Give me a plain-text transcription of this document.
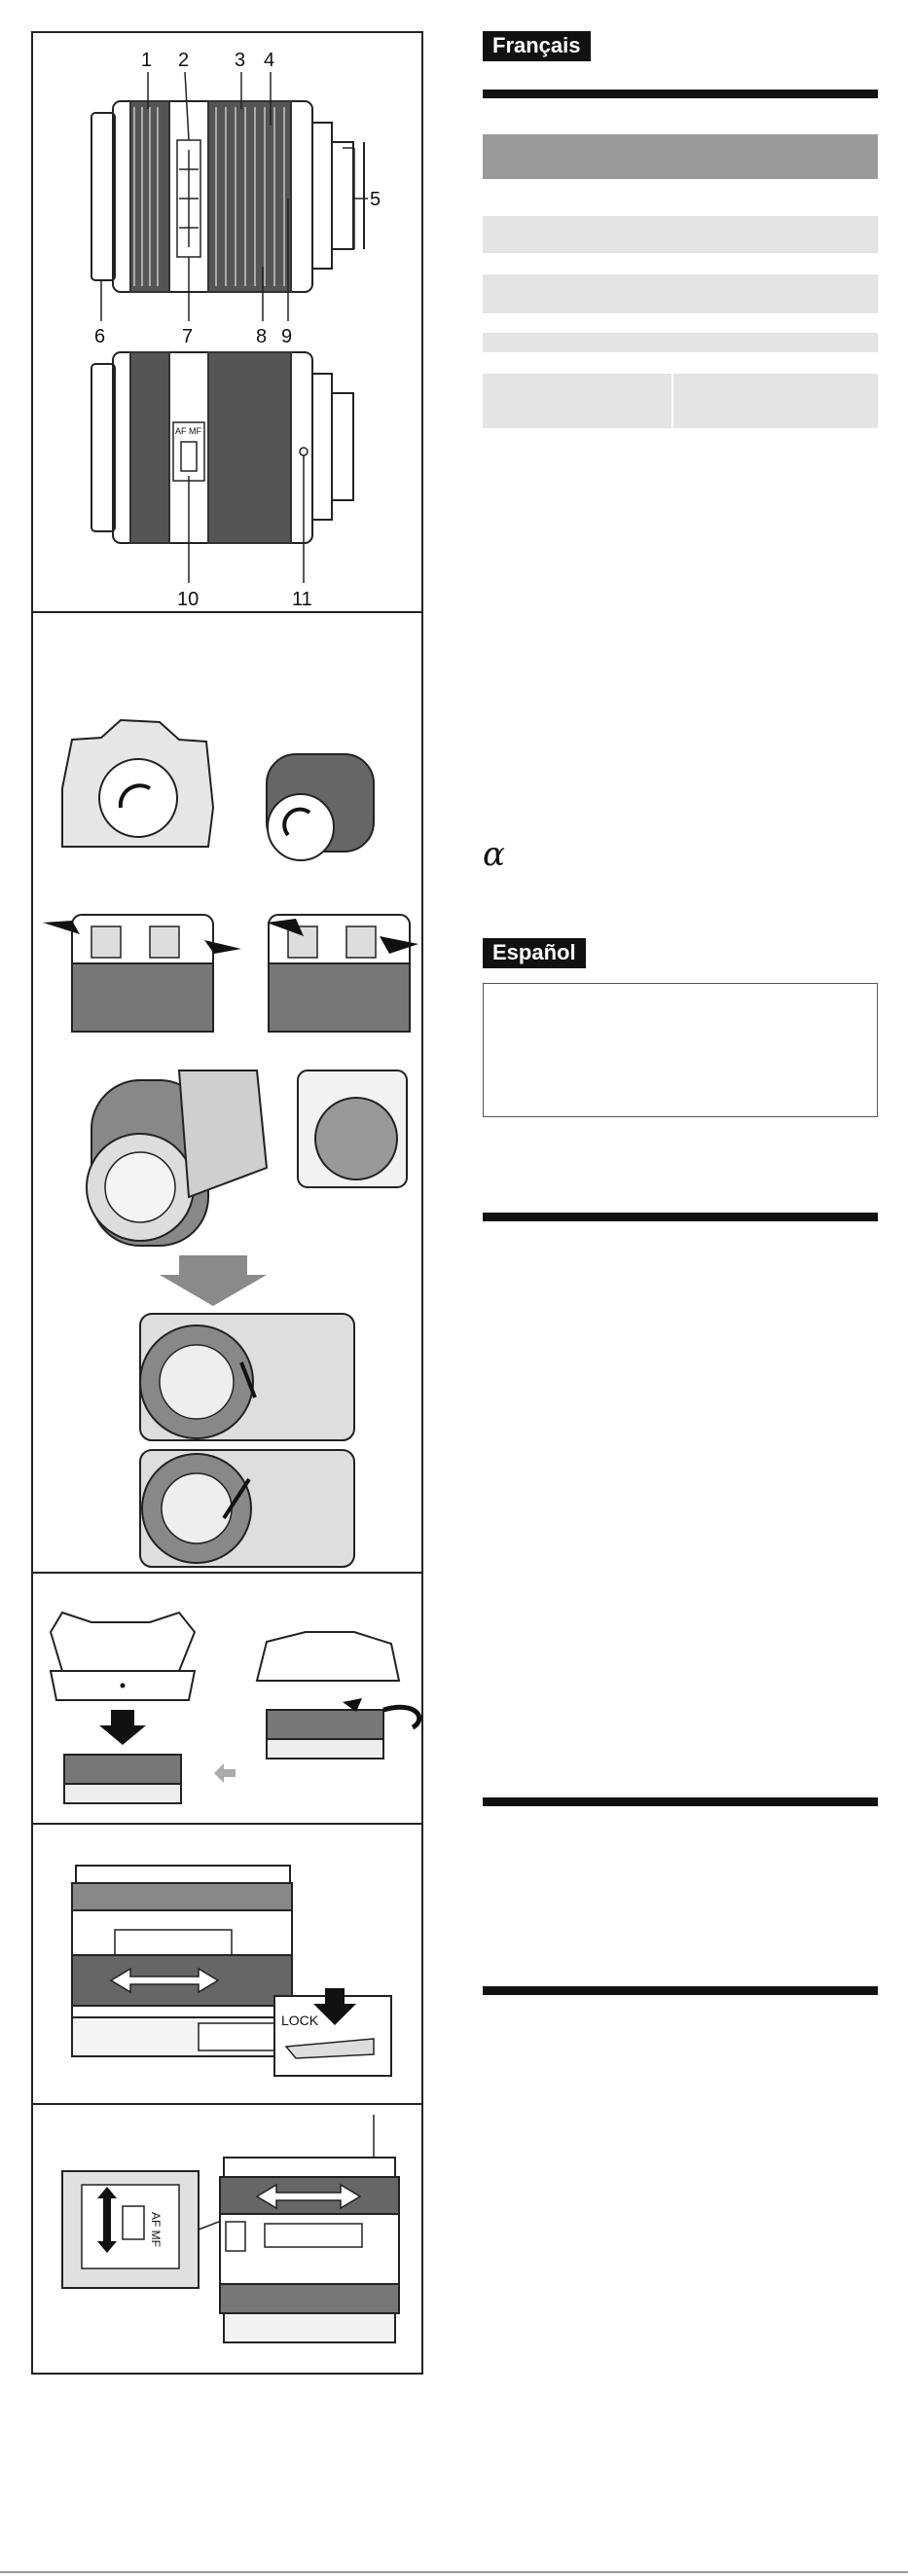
1 2 3 4
5
6	7	8 9
AF MF
10	11
LOCK
AF MF
Français
α
Español
